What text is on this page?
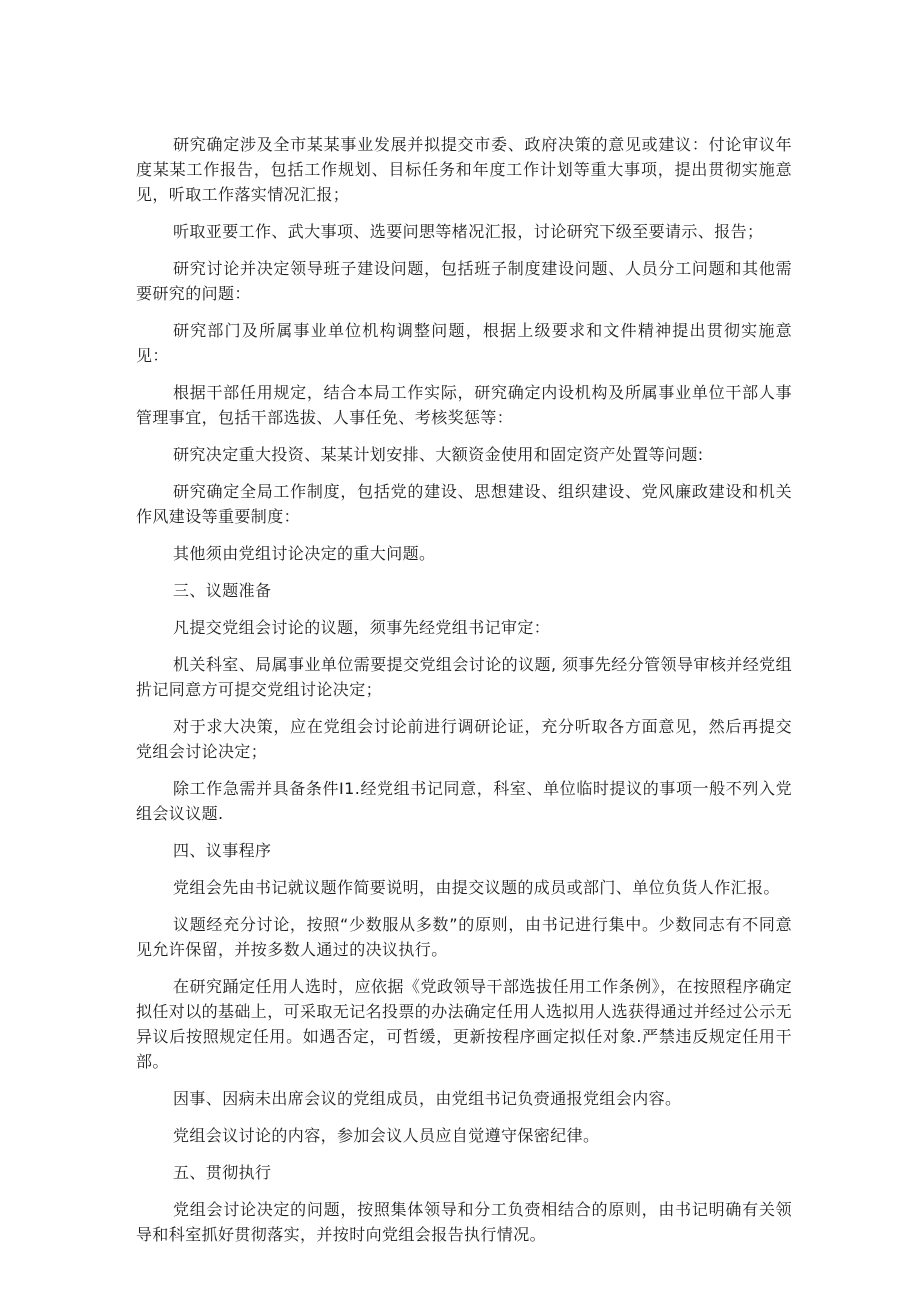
研究确定涉及全市某某事业发展并拟提交市委、政府决策的意见或建议：付论审议年度某某工作报告，包括工作规划、目标任务和年度工作计划等重大事项，提出贯彻实施意见，听取工作落实情况汇报；

听取亚要工作、武大事项、选要问愳等楮况汇报，讨论研究下级至要请示、报告；

研究讨论并决定领导班子建设问题，包括班子制度建设问题、人员分工问题和其他需要研究的问题：

研究部门及所属事业单位机构调整问题，根据上级要求和文件精神提出贯彻实施意见：

根据干部任用规定，结合本局工作实际，研究确定内设机构及所属事业单位干部人事管理事宜，包括干部选拔、人事任免、考核奖惩等：

研究决定重大投资、某某计划安排、大额资金使用和固定资产处置等问题:

研究确定全局工作制度，包括党的建设、思想建设、组织建设、党风廉政建设和机关作风建设等重要制度：

其他须由党组讨论决定的重大问题。

三、议题准备

凡提交党组会讨论的议题，须事先经党组书记审定：

机关科室、局属事业单位需要提交党组会讨论的议题, 须事先经分管领导审核并经党组扸记同意方可提交党组讨论决定；

对于求大决策，应在党组会讨论前进行调研论证，充分听取各方面意见，然后再提交党组会讨论决定；

除工作急需并具备条件I1.经党组书记同意，科室、单位临时提议的事项一般不列入党组会议议题.

四、议事程序

党组会先由书记就议题作简要说明，由提交议题的成员或部门、单位负货人作汇报。

议题经充分讨论，按照“少数服从多数”的原则，由书记进行集中。少数同志有不同意见允许保留，并按多数人通过的决议执行。

在研究踊定任用人选时，应依据《党政领导干部选拔任用工作条例》，在按照程序确定拟任对以的基础上，可采取无记名投票的办法确定任用人选拟用人选获得通过并经过公示无异议后按照规定任用。如遇否定，可哲缓，更新按程序画定拟任对象.严禁违反规定任用干部。

因事、因病未出席会议的党组成员，由党组书记负赍通报党组会内容。

党组会议讨论的内容，参加会议人员应自觉遵守保密纪律。

五、贯彻执行

党组会讨论决定的问题，按照集体领导和分工负赍相结合的原则，由书记明确有关领导和科室抓好贯彻落实，并按时向党组会报告执行情况。
